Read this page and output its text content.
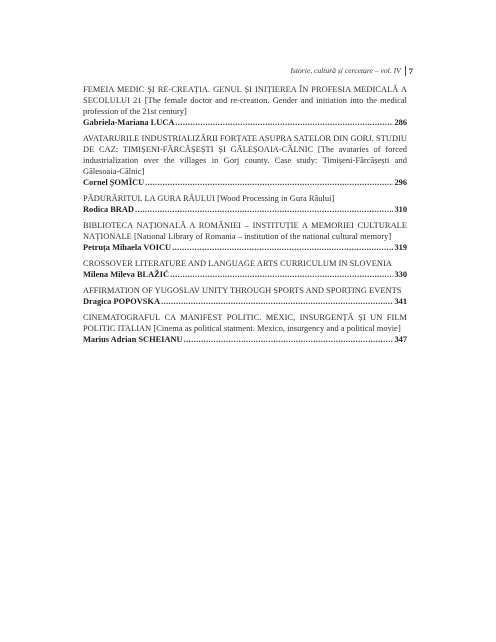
Istorie, cultură și cercetare – vol. IV 7
FEMEIA MEDIC ȘI RE-CREAȚIA. GENUL ȘI INIȚIEREA ÎN PROFESIA MEDICALĂ A SECOLULUI 21 [The female doctor and re-creation. Gender and initiation into the medical profession of the 21st century]
Gabriela-Mariana LUCA .....	286
AVATARURILE INDUSTRIALIZĂRII FORȚATE ASUPRA SATELOR DIN GORJ. STUDIU DE CAZ: TIMIȘENI-FĂRCĂȘEȘTI ȘI GĂLEȘOAIA-CĂLNIC [The avataries of forced industrialization over the villages in Gorj county. Case study: Timișeni-Fărcășești and Gălesoaia-Călnic]
Cornel ȘOMÎCU .....	296
PĂDURĂRITUL LA GURA RÂULUI [Wood Processing in Gura Râului]
Rodica BRAD .....	310
BIBLIOTECA NAȚIONALĂ A ROMÂNIEI – INSTITUȚIE A MEMORIEI CULTURALE NAȚIONALE [National Library of Romania – institution of the national cultural memory]
Petruța Mihaela VOICU .....	319
CROSSOVER LITERATURE AND LANGUAGE ARTS CURRICULUM IN SLOVENIA
Milena Mileva BLAŽIĆ .....	330
AFFIRMATION OF YUGOSLAV UNITY THROUGH SPORTS AND SPORTING EVENTS
Dragica POPOVSKA .....	341
CINEMATOGRAFUL CA MANIFEST POLITIC. MEXIC, INSURGENȚĂ ȘI UN FILM POLITIC ITALIAN [Cinema as political statment. Mexico, insurgency and a political movie]
Marius Adrian SCHEIANU .....	347
